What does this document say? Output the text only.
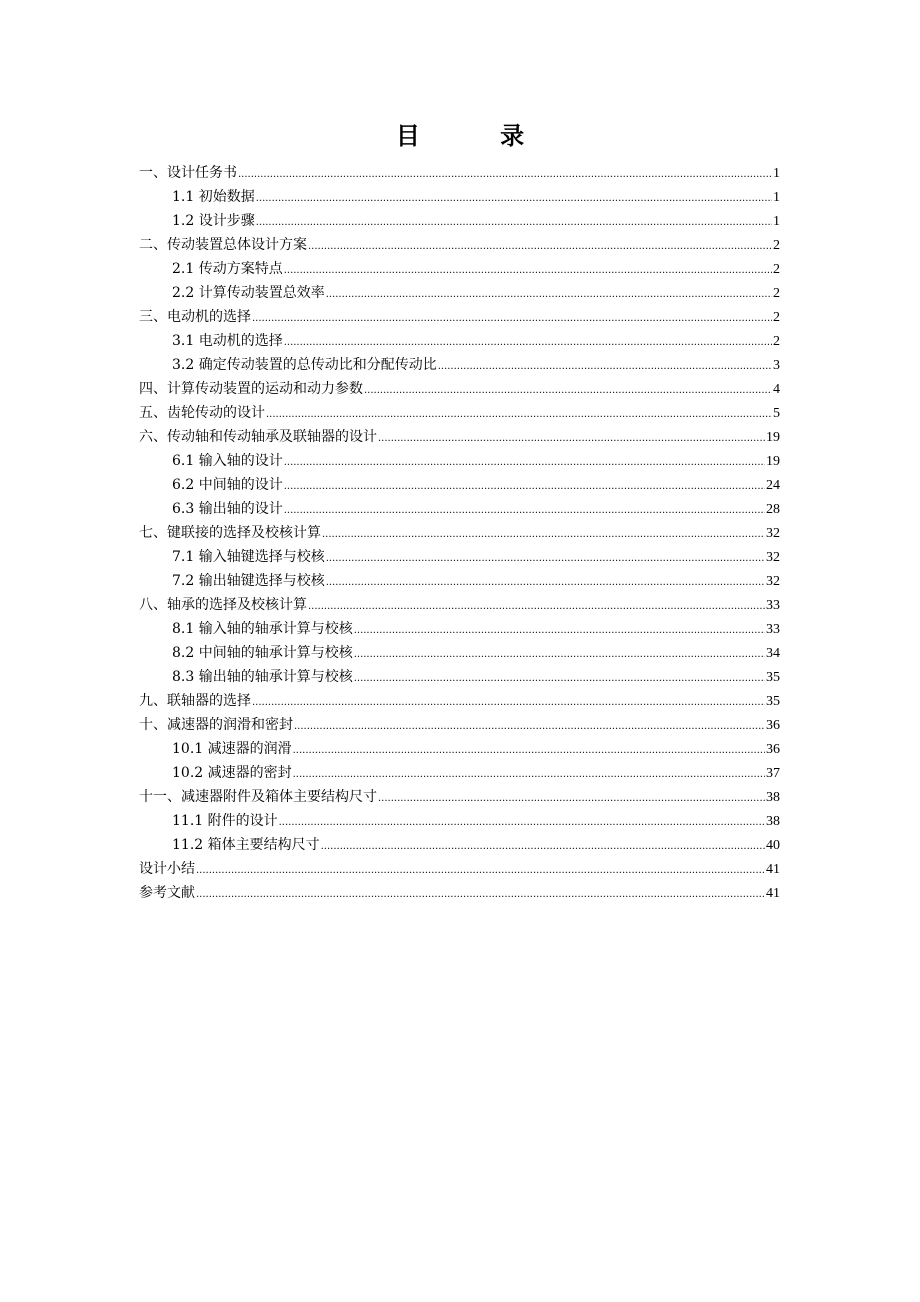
目 录
一、设计任务书 .....	1
1.1 初始数据 .....	1
1.2 设计步骤 .....	1
二、传动装置总体设计方案 .....	2
2.1 传动方案特点 .....	2
2.2 计算传动装置总效率 .....	2
三、电动机的选择 .....	2
3.1 电动机的选择 .....	2
3.2 确定传动装置的总传动比和分配传动比 .....	3
四、计算传动装置的运动和动力参数 .....	4
五、齿轮传动的设计 .....	5
六、传动轴和传动轴承及联轴器的设计 .....	19
6.1 输入轴的设计 .....	19
6.2 中间轴的设计 .....	24
6.3 输出轴的设计 .....	28
七、键联接的选择及校核计算 .....	32
7.1 输入轴键选择与校核 .....	32
7.2 输出轴键选择与校核 .....	32
八、轴承的选择及校核计算 .....	33
8.1 输入轴的轴承计算与校核 .....	33
8.2 中间轴的轴承计算与校核 .....	34
8.3 输出轴的轴承计算与校核 .....	35
九、联轴器的选择 .....	35
十、减速器的润滑和密封 .....	36
10.1 减速器的润滑 .....	36
10.2 减速器的密封 .....	37
十一、减速器附件及箱体主要结构尺寸 .....	38
11.1 附件的设计 .....	38
11.2 箱体主要结构尺寸 .....	40
设计小结 .....	41
参考文献 .....	41
